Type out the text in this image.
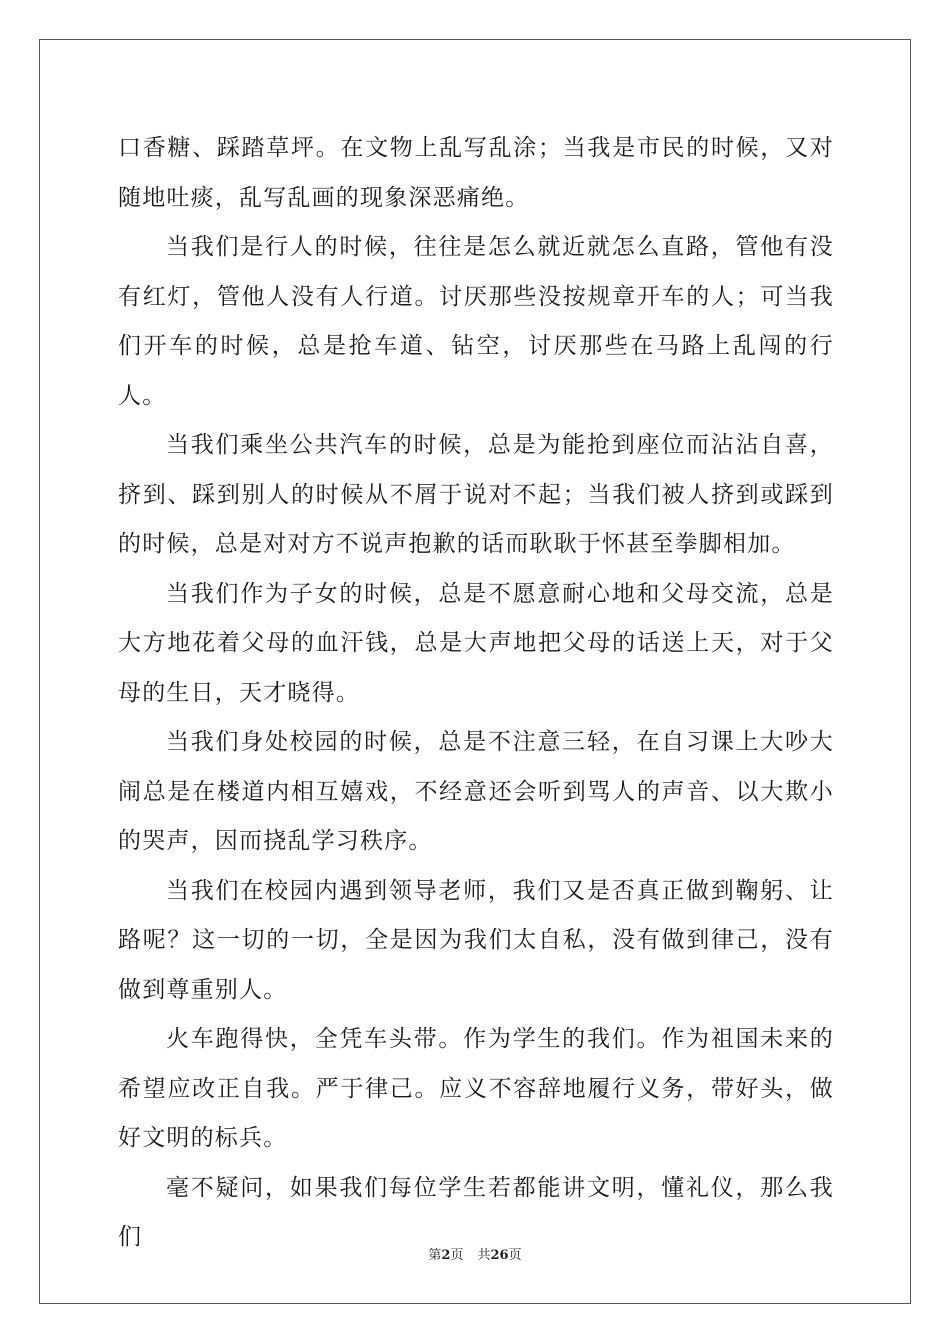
口香糖、踩踏草坪。在文物上乱写乱涂；当我是市民的时候，又对随地吐痰，乱写乱画的现象深恶痛绝。

当我们是行人的时候，往往是怎么就近就怎么直路，管他有没有红灯，管他人没有人行道。讨厌那些没按规章开车的人；可当我们开车的时候，总是抢车道、钻空，讨厌那些在马路上乱闯的行人。

当我们乘坐公共汽车的时候，总是为能抢到座位而沾沾自喜，挤到、踩到别人的时候从不屑于说对不起；当我们被人挤到或踩到的时候，总是对对方不说声抱歉的话而耿耿于怀甚至拳脚相加。

当我们作为子女的时候，总是不愿意耐心地和父母交流，总是大方地花着父母的血汗钱，总是大声地把父母的话送上天，对于父母的生日，天才晓得。

当我们身处校园的时候，总是不注意三轻，在自习课上大吵大闹总是在楼道内相互嬉戏，不经意还会听到骂人的声音、以大欺小的哭声，因而挠乱学习秩序。

当我们在校园内遇到领导老师，我们又是否真正做到鞠躬、让路呢？这一切的一切，全是因为我们太自私，没有做到律己，没有做到尊重别人。

火车跑得快，全凭车头带。作为学生的我们。作为祖国未来的希望应改正自我。严于律己。应义不容辞地履行义务，带好头，做好文明的标兵。

毫不疑问，如果我们每位学生若都能讲文明，懂礼仪，那么我们

第2页 共26页
